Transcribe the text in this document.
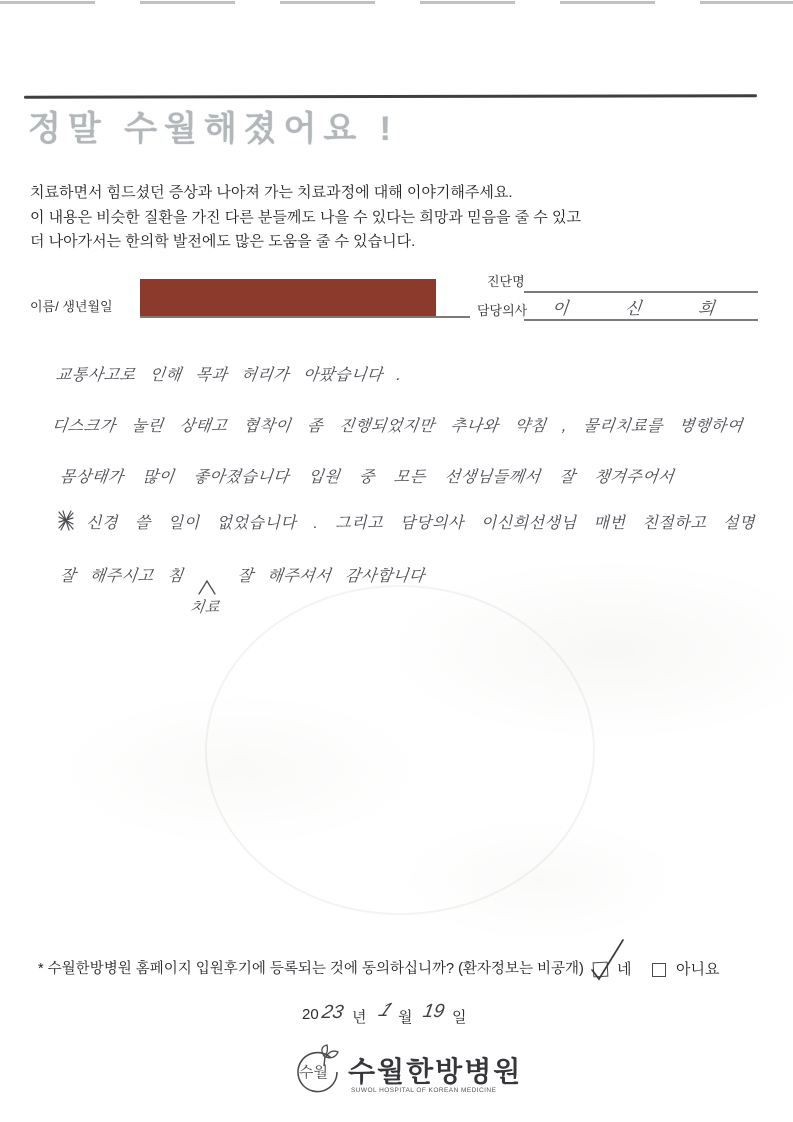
정말 수월해졌어요 !

치료하면서 힘드셨던 증상과 나아져 가는 치료과정에 대해 이야기해주세요.

이 내용은 비슷한 질환을 가진 다른 분들께도 나을 수 있다는 희망과 믿음을 줄 수 있고

더 나아가서는 한의학 발전에도 많은 도움을 줄 수 있습니다.

이름/ 생년월일
진단명
담당의사 이 신 희
교통사고로 인해 목과 허리가 아팠습니다 .
디스크가 눌린 상태고 협착이 좀 진행되었지만 추나와 약침 , 물리치료를 병행하여
몸상태가 많이 좋아졌습니다 입원 중 모든 선생님들께서 잘 챙겨주어서
신경 쓸 일이 없었습니다 . 그리고 담당의사 이신희선생님 매번 친절하고 설명
잘 해주시고 침	잘 해주셔서 감사합니다
치료
* 수월한방병원 홈페이지 입원후기에 등록되는 것에 동의하십니까? (환자정보는 비공개) 네	아니요
20 23 년 1 월 19 일
수월 수월한방병원
SUWOL HOSPITAL OF KOREAN MEDICINE
